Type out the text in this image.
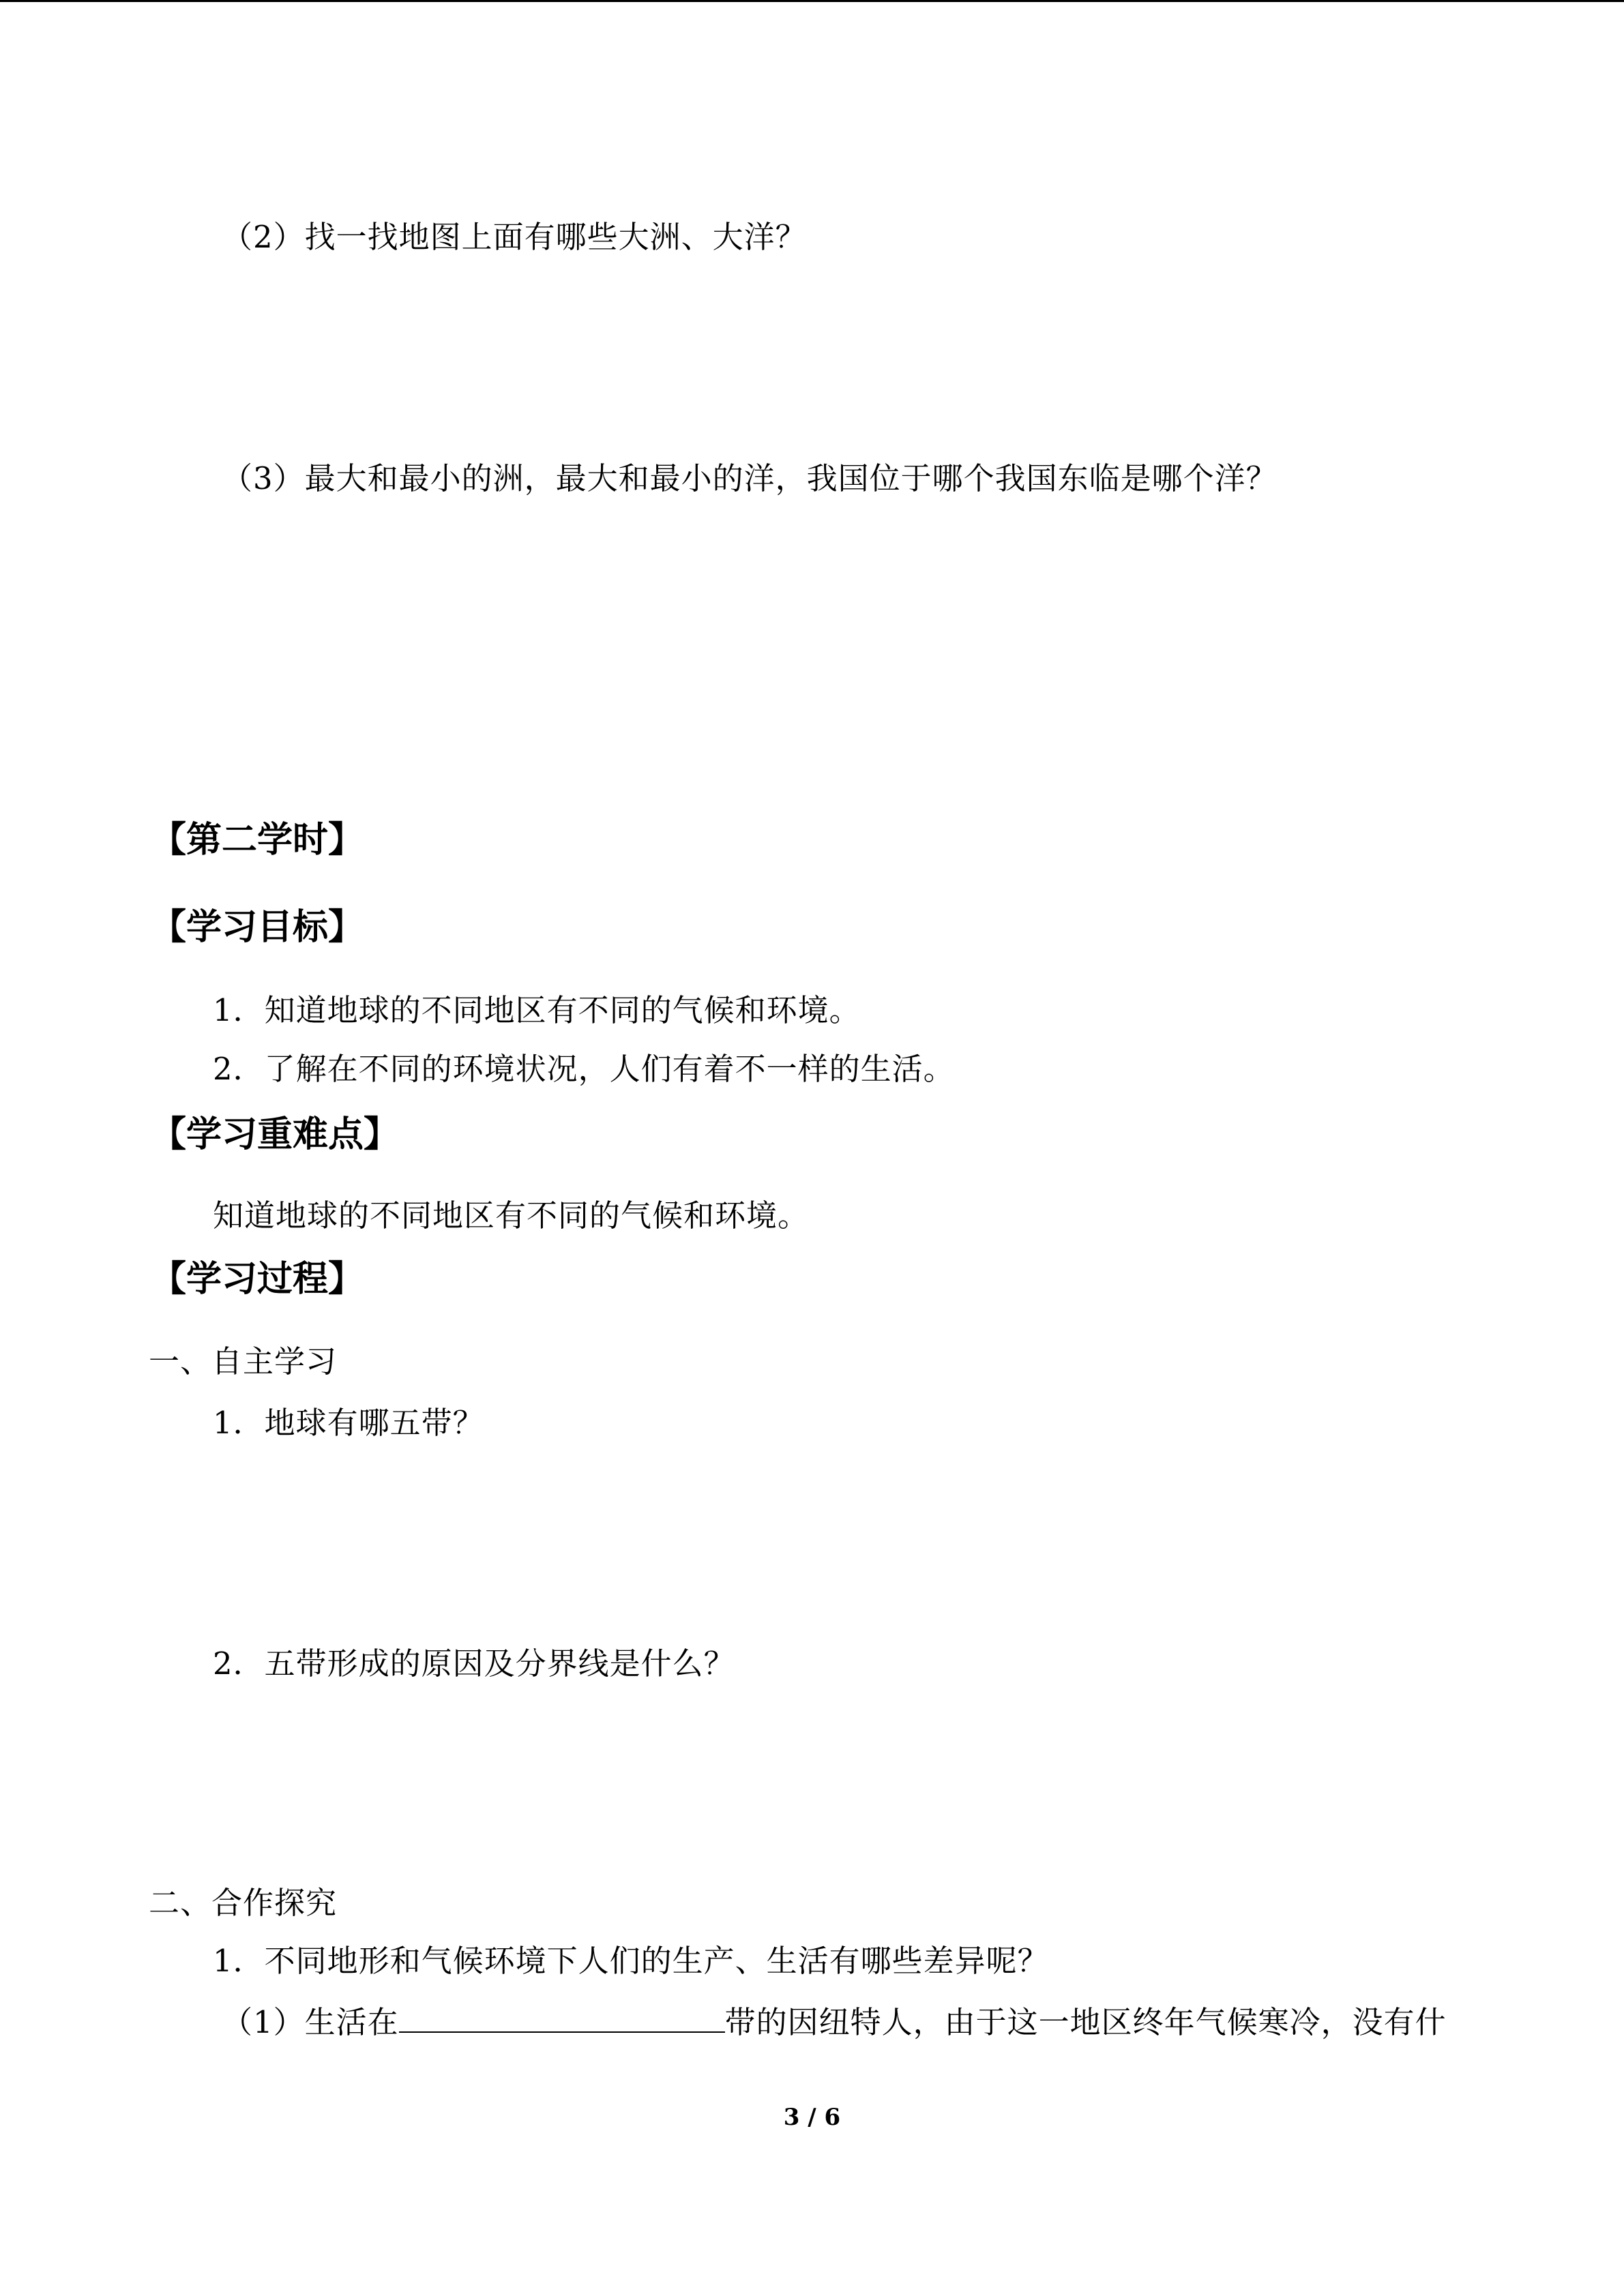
（2）找一找地图上面有哪些大洲、大洋？
（3）最大和最小的洲，最大和最小的洋，我国位于哪个我国东临是哪个洋？
【第二学时】
【学习目标】
1．知道地球的不同地区有不同的气候和环境。
2．了解在不同的环境状况，人们有着不一样的生活。
【学习重难点】
知道地球的不同地区有不同的气候和环境。
【学习过程】
一、自主学习
1．地球有哪五带？
2．五带形成的原因及分界线是什么？
二、合作探究
1．不同地形和气候环境下人们的生产、生活有哪些差异呢？
（1）生活在	带的因纽特人，由于这一地区终年气候寒冷，没有什
3 / 6
